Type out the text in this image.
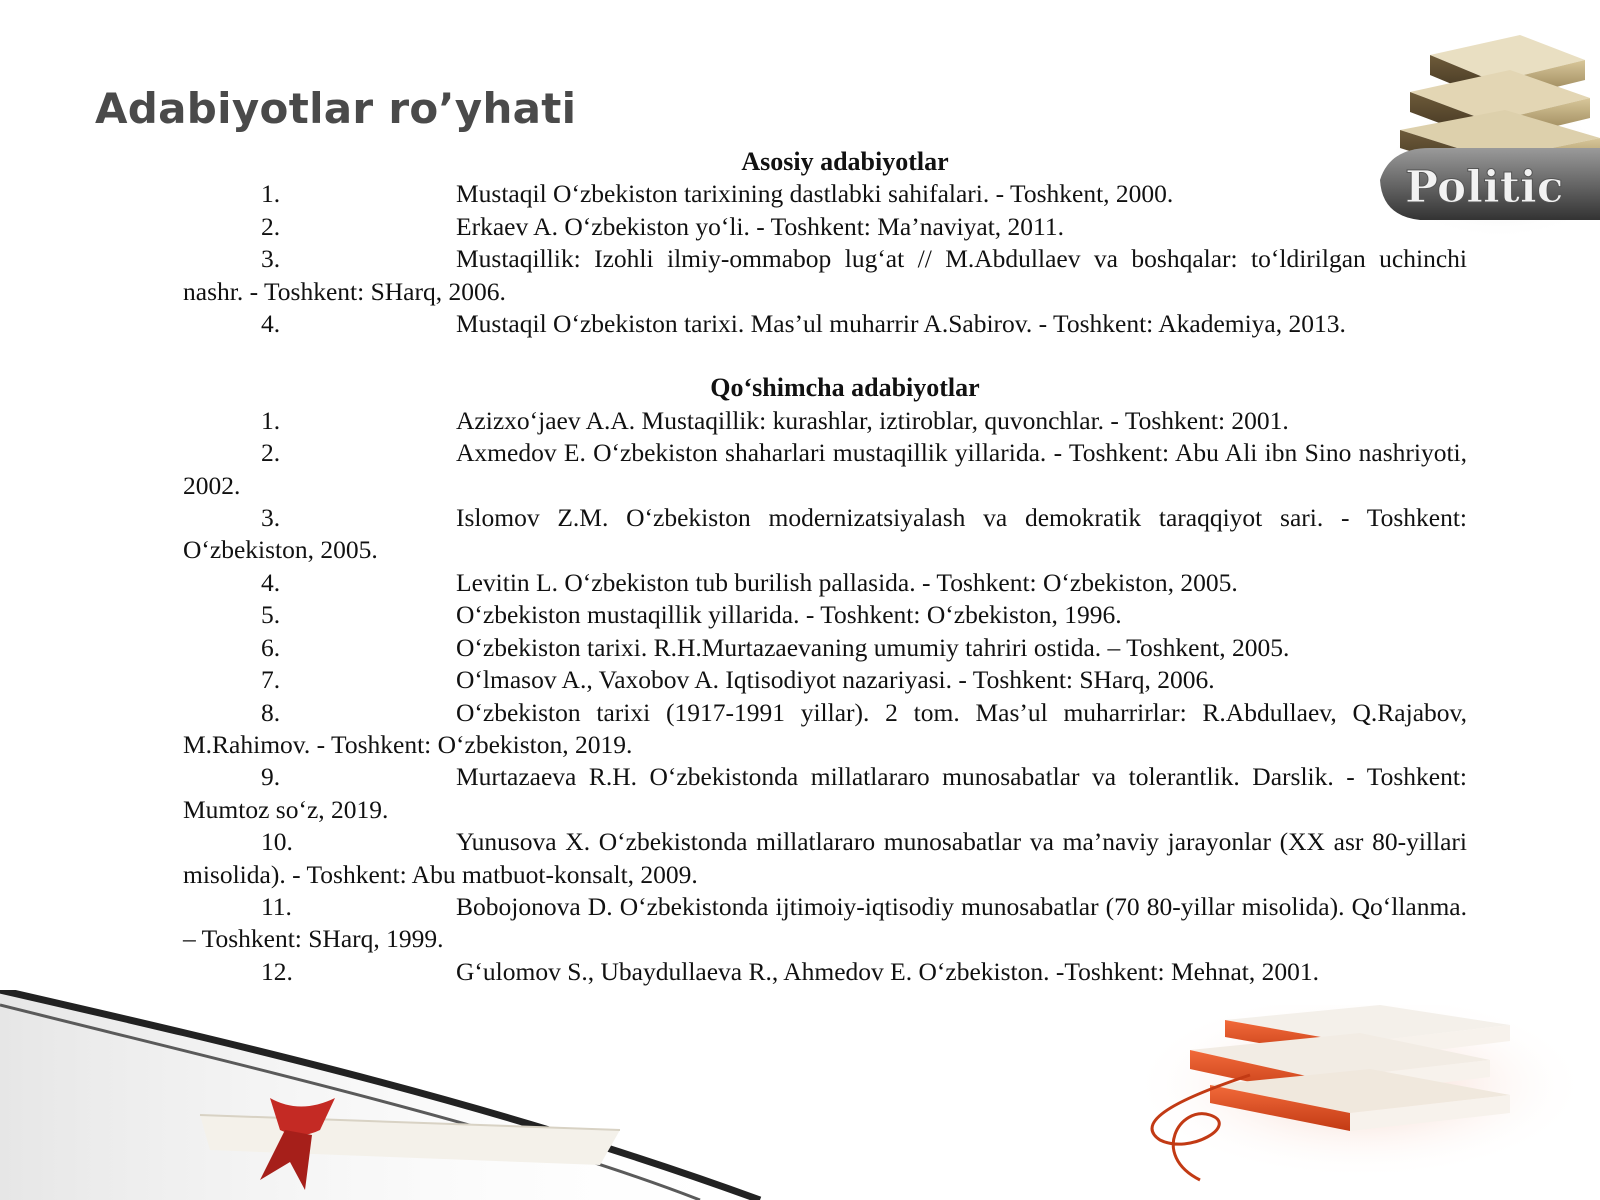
Adabiyotlar ro’yhati

Asosiy adabiyotlar

1.	Mustaqil O‘zbekiston tarixining dastlabki sahifalari. - Toshkent, 2000.

2.	Erkaev A. O‘zbekiston yo‘li. - Toshkent: Ma’naviyat, 2011.

3.	Mustaqillik: Izohli ilmiy-ommabop lug‘at // M.Abdullaev va boshqalar: to‘ldirilgan uchinchi nashr. - Toshkent: SHarq, 2006.

4.	Mustaqil O‘zbekiston tarixi. Mas’ul muharrir A.Sabirov. - Toshkent: Akademiya, 2013.

Qo‘shimcha adabiyotlar

1.	Azizxo‘jaev A.A. Mustaqillik: kurashlar, iztiroblar, quvonchlar. - Toshkent: 2001.

2.	Axmedov E. O‘zbekiston shaharlari mustaqillik yillarida. - Toshkent: Abu Ali ibn Sino nashriyoti, 2002.

3.	Islomov Z.M. O‘zbekiston modernizatsiyalash va demokratik taraqqiyot sari. - Toshkent: O‘zbekiston, 2005.

4.	Levitin L. O‘zbekiston tub burilish pallasida. - Toshkent: O‘zbekiston, 2005.

5.	O‘zbekiston mustaqillik yillarida. - Toshkent: O‘zbekiston, 1996.

6.	O‘zbekiston tarixi. R.H.Murtazaevaning umumiy tahriri ostida. – Toshkent, 2005.

7.	O‘lmasov A., Vaxobov A. Iqtisodiyot nazariyasi. - Toshkent: SHarq, 2006.

8.	O‘zbekiston tarixi (1917-1991 yillar). 2 tom. Mas’ul muharrirlar: R.Abdullaev, Q.Rajabov, M.Rahimov. - Toshkent: O‘zbekiston, 2019.

9.	Murtazaeva R.H. O‘zbekistonda millatlararo munosabatlar va tolerantlik. Darslik. - Toshkent: Mumtoz so‘z, 2019.

10.	Yunusova X. O‘zbekistonda millatlararo munosabatlar va ma’naviy jarayonlar (XX asr 80-yillari misolida). - Toshkent: Abu matbuot-konsalt, 2009.

11.	Bobojonova D. O‘zbekistonda ijtimoiy-iqtisodiy munosabatlar (70 80-yillar misolida). Qo‘llanma. – Toshkent: SHarq, 1999.

12.	G‘ulomov S., Ubaydullaeva R., Ahmedov E. O‘zbekiston. -Toshkent: Mehnat, 2001.

Politic
